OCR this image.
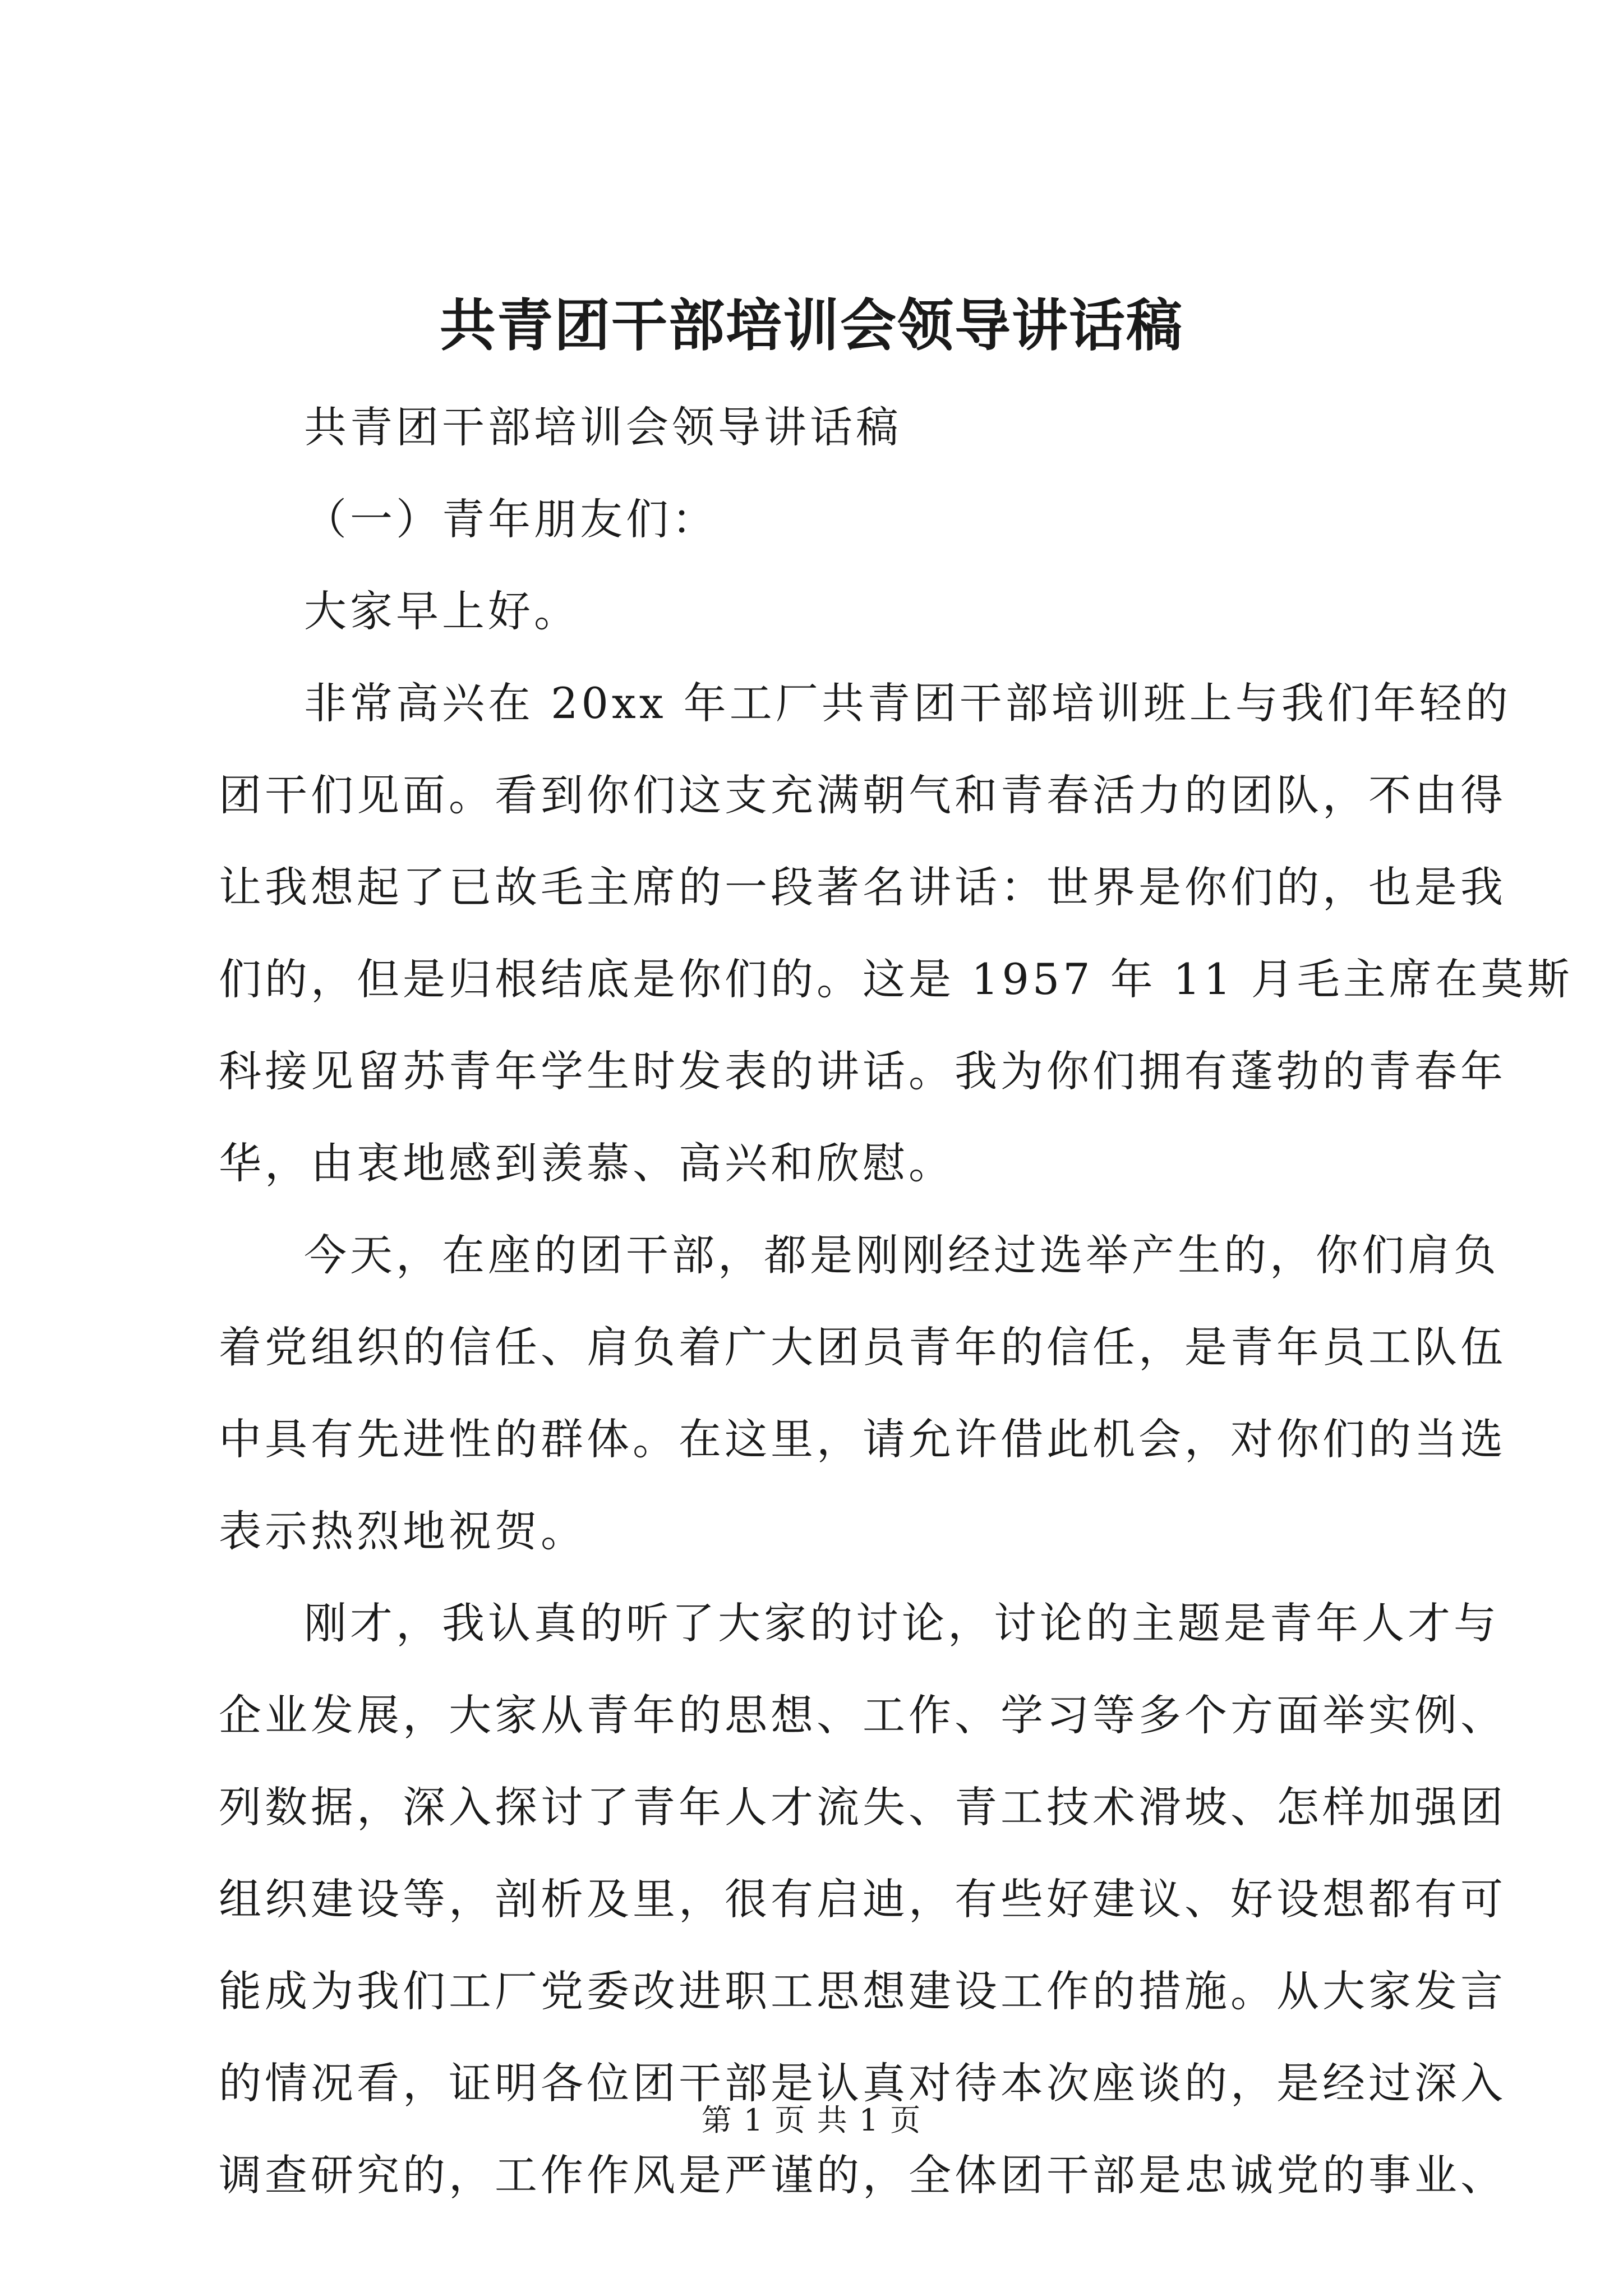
共青团干部培训会领导讲话稿
共青团干部培训会领导讲话稿
（一）青年朋友们：
大家早上好。
非常高兴在 20xx 年工厂共青团干部培训班上与我们年轻的
团干们见面。看到你们这支充满朝气和青春活力的团队，不由得
让我想起了已故毛主席的一段著名讲话：世界是你们的，也是我
们的，但是归根结底是你们的。这是 1957 年 11 月毛主席在莫斯
科接见留苏青年学生时发表的讲话。我为你们拥有蓬勃的青春年
华，由衷地感到羡慕、高兴和欣慰。
今天，在座的团干部，都是刚刚经过选举产生的，你们肩负
着党组织的信任、肩负着广大团员青年的信任，是青年员工队伍
中具有先进性的群体。在这里，请允许借此机会，对你们的当选
表示热烈地祝贺。
刚才，我认真的听了大家的讨论，讨论的主题是青年人才与
企业发展，大家从青年的思想、工作、学习等多个方面举实例、
列数据，深入探讨了青年人才流失、青工技术滑坡、怎样加强团
组织建设等，剖析及里，很有启迪，有些好建议、好设想都有可
能成为我们工厂党委改进职工思想建设工作的措施。从大家发言
的情况看，证明各位团干部是认真对待本次座谈的，是经过深入
调查研究的，工作作风是严谨的，全体团干部是忠诚党的事业、
第 1 页 共 1 页
